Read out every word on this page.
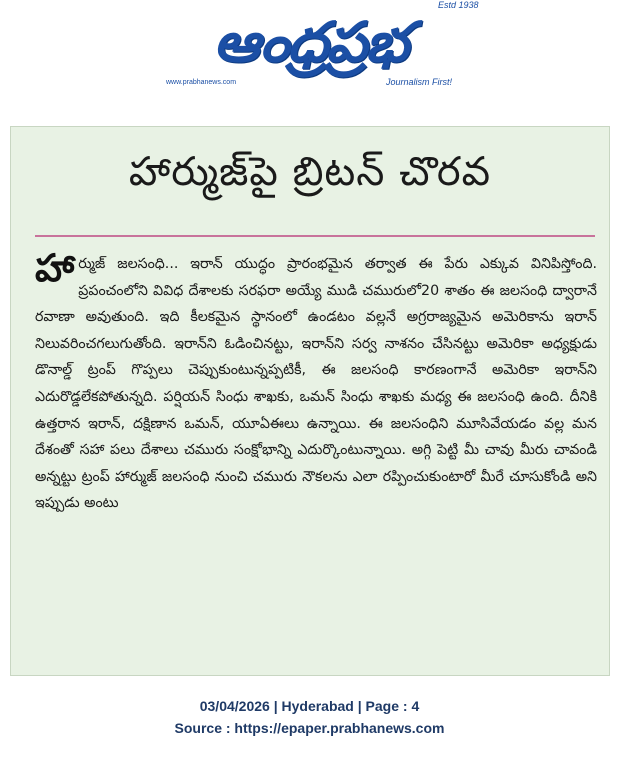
ఆంధ్రప్రభ
Estd 1938
www.prabhanews.com	Journalism First!
హార్ముజ్‌పై బ్రిటన్ చొరవ
హార్ముజ్ జలసంధి... ఇరాన్ యుద్ధం ప్రారంభమైన తర్వాత ఈ పేరు ఎక్కువ వినిపిస్తోంది. ప్రపంచంలోని వివిధ దేశాలకు సరఫరా అయ్యే ముడి చమురులో20 శాతం ఈ జలసంధి ద్వారానే రవాణా అవుతుంది. ఇది కీలకమైన స్థానంలో ఉండటం వల్లనే అగ్రరాజ్యమైన అమెరికాను ఇరాన్ నిలువరించగలుగుతోంది. ఇరాన్‌ని ఓడించినట్టు, ఇరాన్‌ని సర్వ నాశనం చేసినట్టు అమెరికా అధ్యక్షుడు డొనాల్డ్ ట్రంప్ గొప్పలు చెప్పుకుంటున్నప్పటికీ, ఈ జలసంధి కారణంగానే అమెరికా ఇరాన్‌ని ఎదురొడ్డలేకపోతున్నది. పర్షియన్ సింధు శాఖకు, ఒమన్ సింధు శాఖకు మధ్య ఈ జలసంధి ఉంది. దీనికి ఉత్తరాన ఇరాన్, దక్షిణాన ఒమన్, యూఏఈలు ఉన్నాయి. ఈ జలసంధిని మూసివేయడం వల్ల మన దేశంతో సహా పలు దేశాలు చమురు సంక్షోభాన్ని ఎదుర్కొంటున్నాయి. అగ్గి పెట్టి మీ చావు మీరు చావండి అన్నట్టు ట్రంప్ హార్ముజ్ జలసంధి నుంచి చమురు నౌకలను ఎలా రప్పించుకుంటారో మీరే చూసుకోండి అని ఇప్పుడు అంటు
03/04/2026 | Hyderabad | Page : 4
Source : https://epaper.prabhanews.com
